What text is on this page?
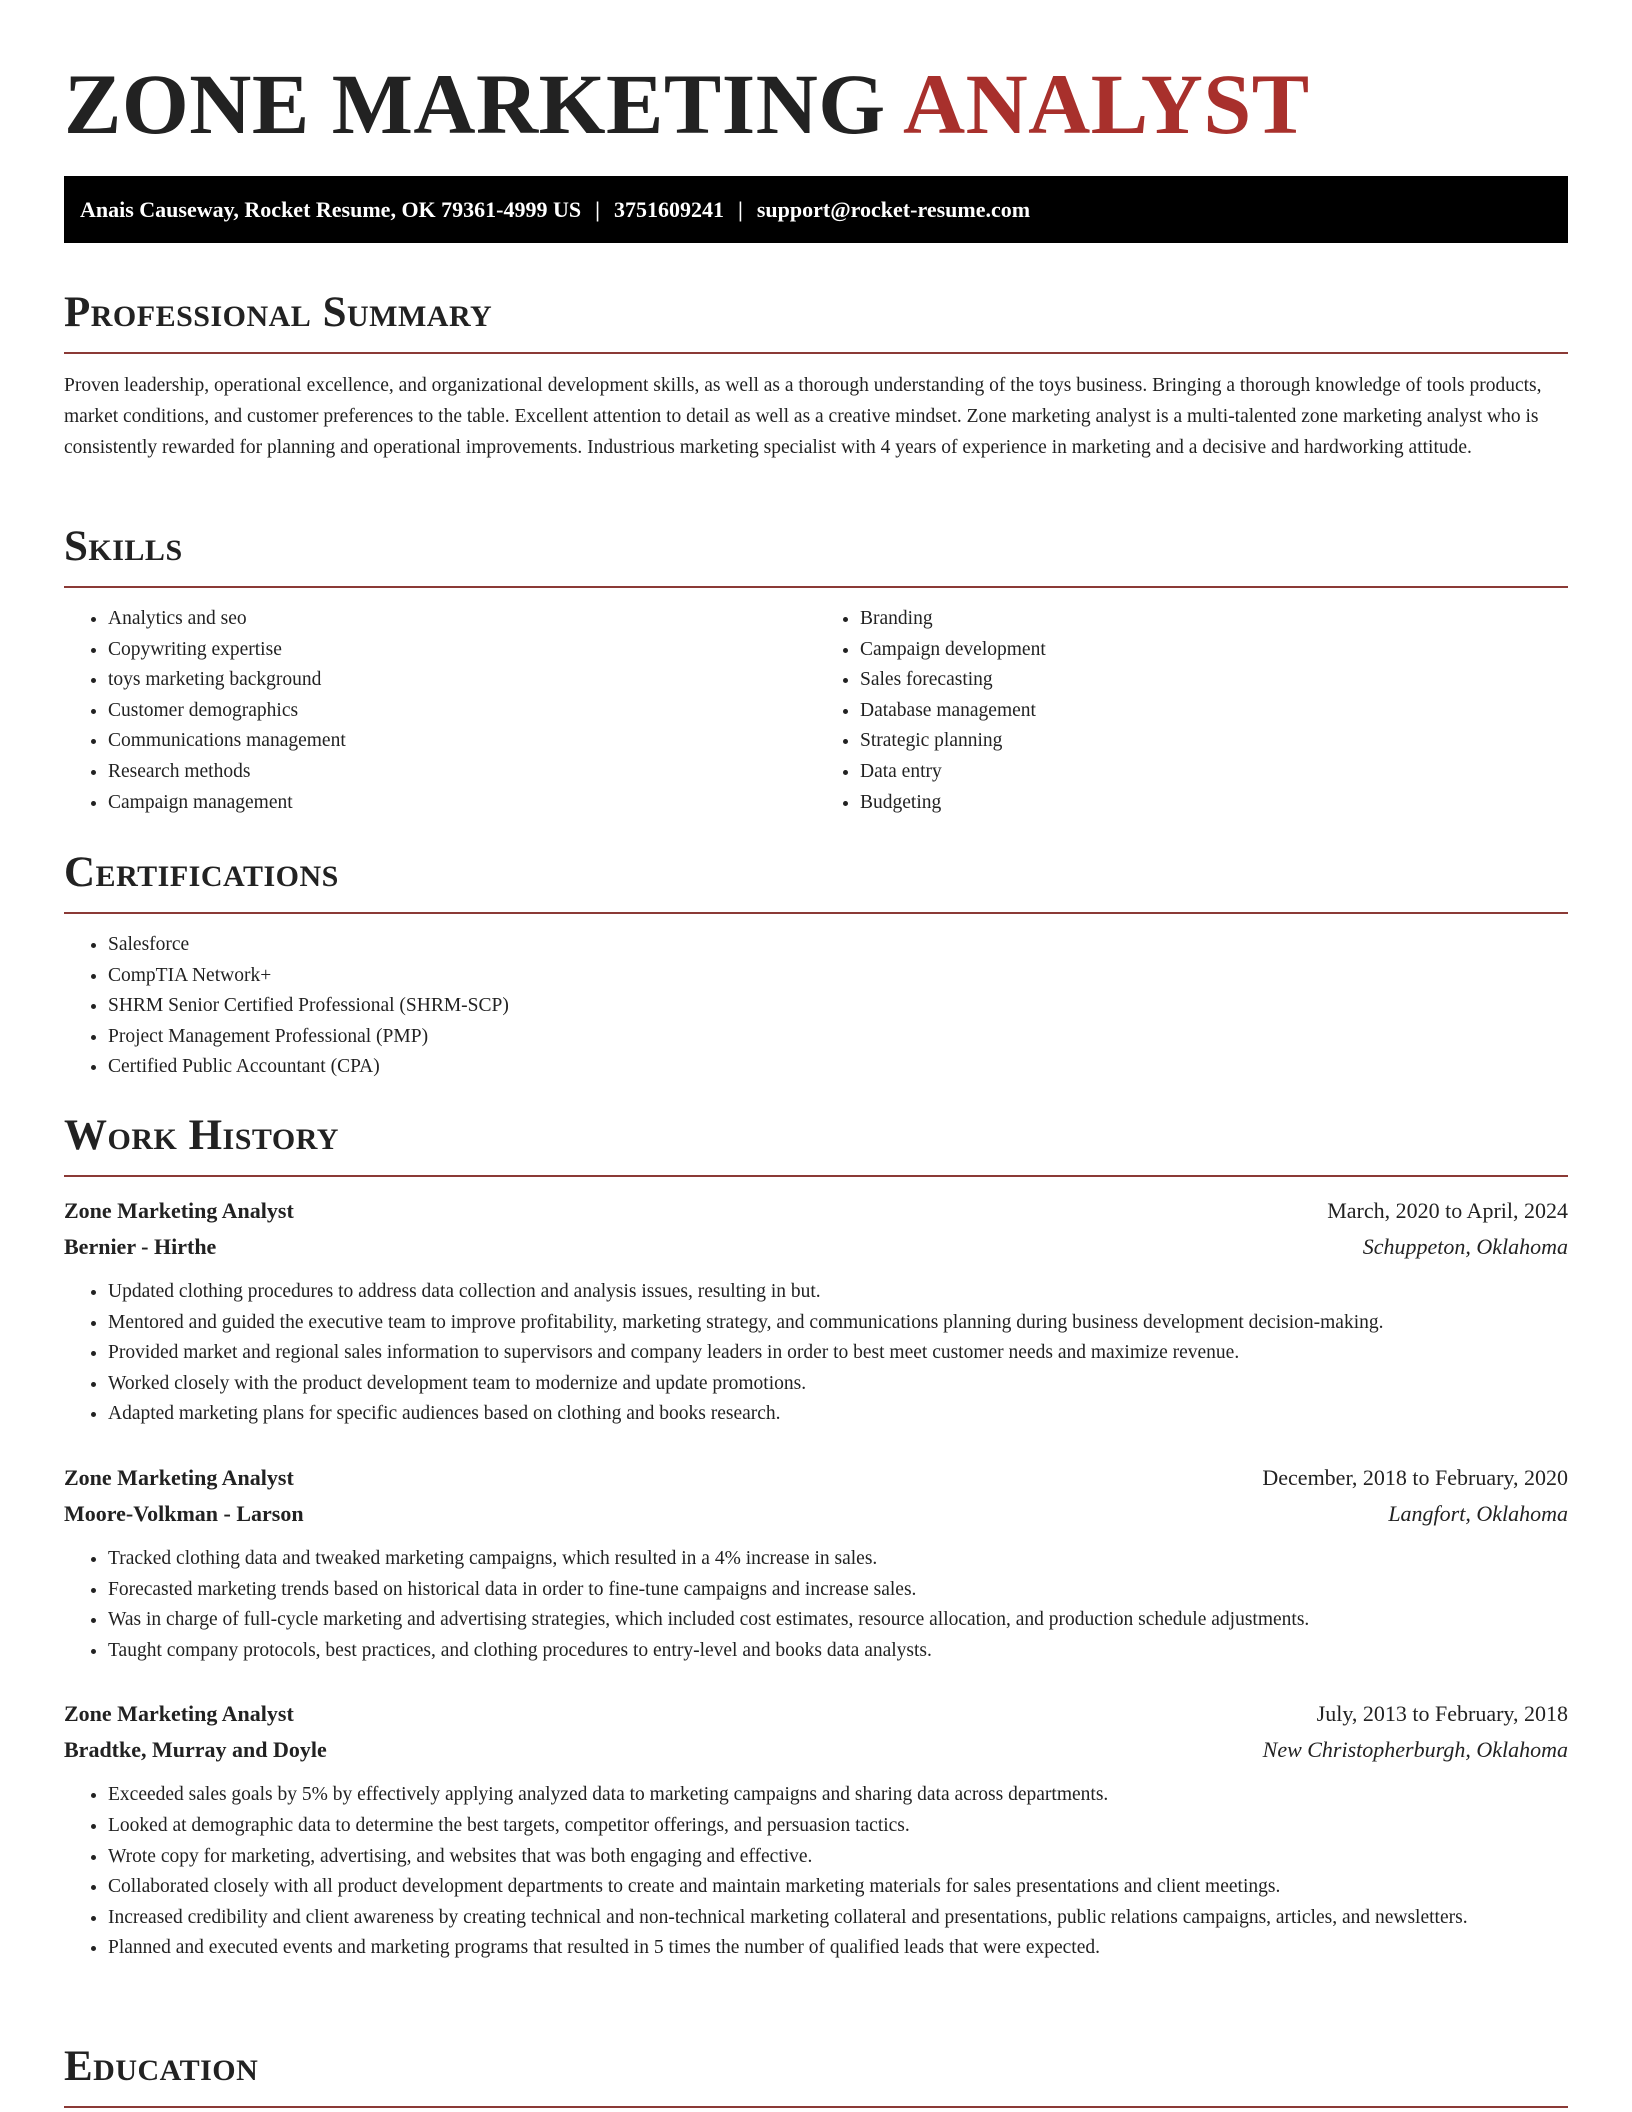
ZONE MARKETING ANALYST
Anais Causeway, Rocket Resume, OK 79361-4999 US | 3751609241 | support@rocket-resume.com
Professional Summary

Proven leadership, operational excellence, and organizational development skills, as well as a thorough understanding of the toys business. Bringing a thorough knowledge of tools products, market conditions, and customer preferences to the table. Excellent attention to detail as well as a creative mindset. Zone marketing analyst is a multi-talented zone marketing analyst who is consistently rewarded for planning and operational improvements. Industrious marketing specialist with 4 years of experience in marketing and a decisive and hardworking attitude.

Skills
• Analytics and seo
• Copywriting expertise
• toys marketing background
• Customer demographics
• Communications management
• Research methods
• Campaign management
• Branding
• Campaign development
• Sales forecasting
• Database management
• Strategic planning
• Data entry
• Budgeting
Certifications
• Salesforce
• CompTIA Network+
• SHRM Senior Certified Professional (SHRM-SCP)
• Project Management Professional (PMP)
• Certified Public Accountant (CPA)
Work History
Zone Marketing Analyst	March, 2020 to April, 2024
Bernier - Hirthe	Schuppeton, Oklahoma
• Updated clothing procedures to address data collection and analysis issues, resulting in but.
• Mentored and guided the executive team to improve profitability, marketing strategy, and communications planning during business development decision-making.
• Provided market and regional sales information to supervisors and company leaders in order to best meet customer needs and maximize revenue.
• Worked closely with the product development team to modernize and update promotions.
• Adapted marketing plans for specific audiences based on clothing and books research.
Zone Marketing Analyst	December, 2018 to February, 2020
Moore-Volkman - Larson	Langfort, Oklahoma
• Tracked clothing data and tweaked marketing campaigns, which resulted in a 4% increase in sales.
• Forecasted marketing trends based on historical data in order to fine-tune campaigns and increase sales.
• Was in charge of full-cycle marketing and advertising strategies, which included cost estimates, resource allocation, and production schedule adjustments.
• Taught company protocols, best practices, and clothing procedures to entry-level and books data analysts.
Zone Marketing Analyst	July, 2013 to February, 2018
Bradtke, Murray and Doyle	New Christopherburgh, Oklahoma
• Exceeded sales goals by 5% by effectively applying analyzed data to marketing campaigns and sharing data across departments.
• Looked at demographic data to determine the best targets, competitor offerings, and persuasion tactics.
• Wrote copy for marketing, advertising, and websites that was both engaging and effective.
• Collaborated closely with all product development departments to create and maintain marketing materials for sales presentations and client meetings.
• Increased credibility and client awareness by creating technical and non-technical marketing collateral and presentations, public relations campaigns, articles, and newsletters.
• Planned and executed events and marketing programs that resulted in 5 times the number of qualified leads that were expected.
Education
